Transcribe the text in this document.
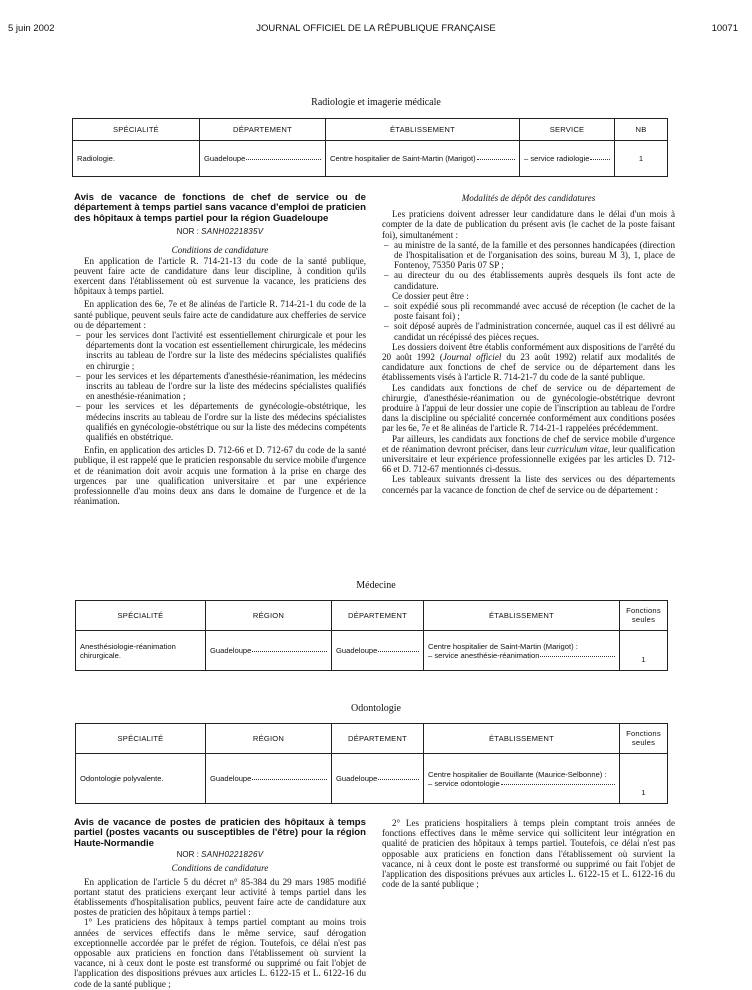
5 juin 2002	JOURNAL OFFICIEL DE LA RÉPUBLIQUE FRANÇAISE	10071
Radiologie et imagerie médicale
SPÉCIALITÉ	DÉPARTEMENT	ÉTABLISSEMENT	SERVICE	NB
Radiologie.	Guadeloupe	Centre hospitalier de Saint-Martin (Marigot)	– service radiologie	1
Avis de vacance de fonctions de chef de service ou de département à temps partiel sans vacance d'emploi de praticien des hôpitaux à temps partiel pour la région Guadeloupe
NOR : SANH0221835V

Conditions de candidature

En application de l'article R. 714-21-13 du code de la santé publique, peuvent faire acte de candidature dans leur discipline, à condition qu'ils exercent dans l'établissement où est survenue la vacance, les praticiens des hôpitaux à temps partiel.

En application des 6e, 7e et 8e alinéas de l'article R. 714-21-1 du code de la santé publique, peuvent seuls faire acte de candidature aux chefferies de service ou de département :

– pour les services dont l'activité est essentiellement chirurgicale et pour les départements dont la vocation est essentiellement chirurgicale, les médecins inscrits au tableau de l'ordre sur la liste des médecins spécialistes qualifiés en chirurgie ;

– pour les services et les départements d'anesthésie-réanimation, les médecins inscrits au tableau de l'ordre sur la liste des médecins spécialistes qualifiés en anesthésie-réanimation ;

– pour les services et les départements de gynécologie-obstétrique, les médecins inscrits au tableau de l'ordre sur la liste des médecins spécialistes qualifiés en gynécologie-obstétrique ou sur la liste des médecins compétents qualifiés en obstétrique.

Enfin, en application des articles D. 712-66 et D. 712-67 du code de la santé publique, il est rappelé que le praticien responsable du service mobile d'urgence et de réanimation doit avoir acquis une formation à la prise en charge des urgences par une qualification universitaire et par une expérience professionnelle d'au moins deux ans dans le domaine de l'urgence et de la réanimation.

Modalités de dépôt des candidatures

Les praticiens doivent adresser leur candidature dans le délai d'un mois à compter de la date de publication du présent avis (le cachet de la poste faisant foi), simultanément :

– au ministre de la santé, de la famille et des personnes handicapées (direction de l'hospitalisation et de l'organisation des soins, bureau M 3), 1, place de Fontenoy, 75350 Paris 07 SP ;

– au directeur du ou des établissements auprès desquels ils font acte de candidature.

Ce dossier peut être :

– soit expédié sous pli recommandé avec accusé de réception (le cachet de la poste faisant foi) ;

– soit déposé auprès de l'administration concernée, auquel cas il est délivré au candidat un récépissé des pièces reçues.

Les dossiers doivent être établis conformément aux dispositions de l'arrêté du 20 août 1992 (Journal officiel du 23 août 1992) relatif aux modalités de candidature aux fonctions de chef de service ou de département dans les établissements visés à l'article R. 714-21-7 du code de la santé publique.

Les candidats aux fonctions de chef de service ou de département de chirurgie, d'anesthésie-réanimation ou de gynécologie-obstétrique devront produire à l'appui de leur dossier une copie de l'inscription au tableau de l'ordre dans la discipline ou spécialité concernée conformément aux conditions posées par les 6e, 7e et 8e alinéas de l'article R. 714-21-1 rappelées précédemment.

Par ailleurs, les candidats aux fonctions de chef de service mobile d'urgence et de réanimation devront préciser, dans leur curriculum vitae, leur qualification universitaire et leur expérience professionnelle exigées par les articles D. 712-66 et D. 712-67 mentionnés ci-dessus.

Les tableaux suivants dressent la liste des services ou des départements concernés par la vacance de fonction de chef de service ou de département :

Médecine
SPÉCIALITÉ	RÉGION	DÉPARTEMENT	ÉTABLISSEMENT	Fonctions seules
Anesthésiologie-réanimation chirurgicale.	Guadeloupe	Guadeloupe	Centre hospitalier de Saint-Martin (Marigot) :
– service anesthésie-réanimation	1
Odontologie
SPÉCIALITÉ	RÉGION	DÉPARTEMENT	ÉTABLISSEMENT	Fonctions seules
Odontologie polyvalente.	Guadeloupe	Guadeloupe	Centre hospitalier de Bouillante (Maurice-Selbonne) :
– service odontologie	1
Avis de vacance de postes de praticien des hôpitaux à temps partiel (postes vacants ou susceptibles de l'être) pour la région Haute-Normandie
NOR : SANH0221826V

Conditions de candidature

En application de l'article 5 du décret n° 85-384 du 29 mars 1985 modifié portant statut des praticiens exerçant leur activité à temps partiel dans les établissements d'hospitalisation publics, peuvent faire acte de candidature aux postes de praticien des hôpitaux à temps partiel :

1° Les praticiens des hôpitaux à temps partiel comptant au moins trois années de services effectifs dans le même service, sauf dérogation exceptionnelle accordée par le préfet de région. Toutefois, ce délai n'est pas opposable aux praticiens en fonction dans l'établissement où survient la vacance, ni à ceux dont le poste est transformé ou supprimé ou fait l'objet de l'application des dispositions prévues aux articles L. 6122-15 et L. 6122-16 du code de la santé publique ;

2° Les praticiens hospitaliers à temps plein comptant trois années de fonctions effectives dans le même service qui sollicitent leur intégration en qualité de praticien des hôpitaux à temps partiel. Toutefois, ce délai n'est pas opposable aux praticiens en fonction dans l'établissement où survient la vacance, ni à ceux dont le poste est transformé ou supprimé ou fait l'objet de l'application des dispositions prévues aux articles L. 6122-15 et L. 6122-16 du code de la santé publique ;
